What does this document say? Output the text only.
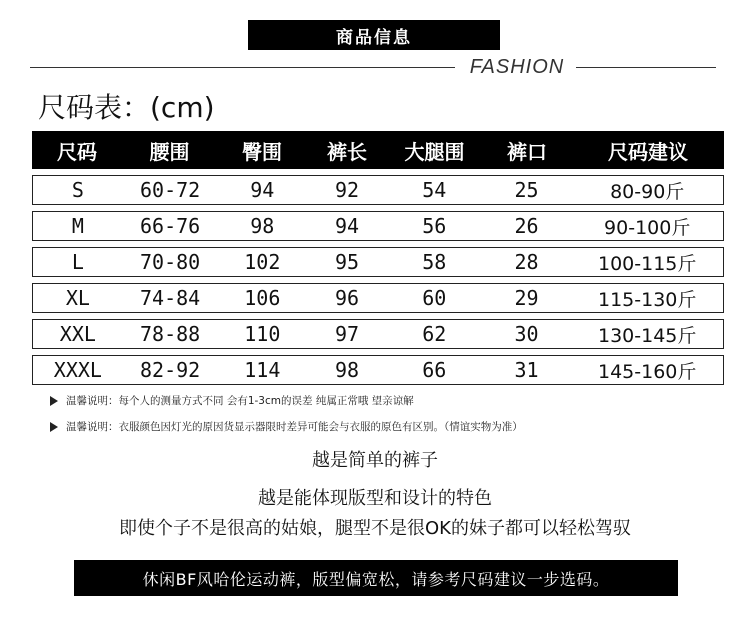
商品信息
FASHION
尺码表：(cm)
尺码	腰围	臀围	裤长	大腿围	裤口	尺码建议
S	60-72	94	92	54	25	80-90斤
M	66-76	98	94	56	26	90-100斤
L	70-80	102	95	58	28	100-115斤
XL	74-84	106	96	60	29	115-130斤
XXL	78-88	110	97	62	30	130-145斤
XXXL	82-92	114	98	66	31	145-160斤
温馨说明：每个人的测量方式不同 会有1-3cm的误差 纯属正常哦 望亲谅解
温馨说明：衣服颜色因灯光的原因货显示器限时差异可能会与衣服的原色有区别。（情谊实物为准）
越是简单的裤子
越是能体现版型和设计的特色
即使个子不是很高的姑娘，腿型不是很OK的妹子都可以轻松驾驭
休闲BF风哈伦运动裤，版型偏宽松，请参考尺码建议一步选码。
